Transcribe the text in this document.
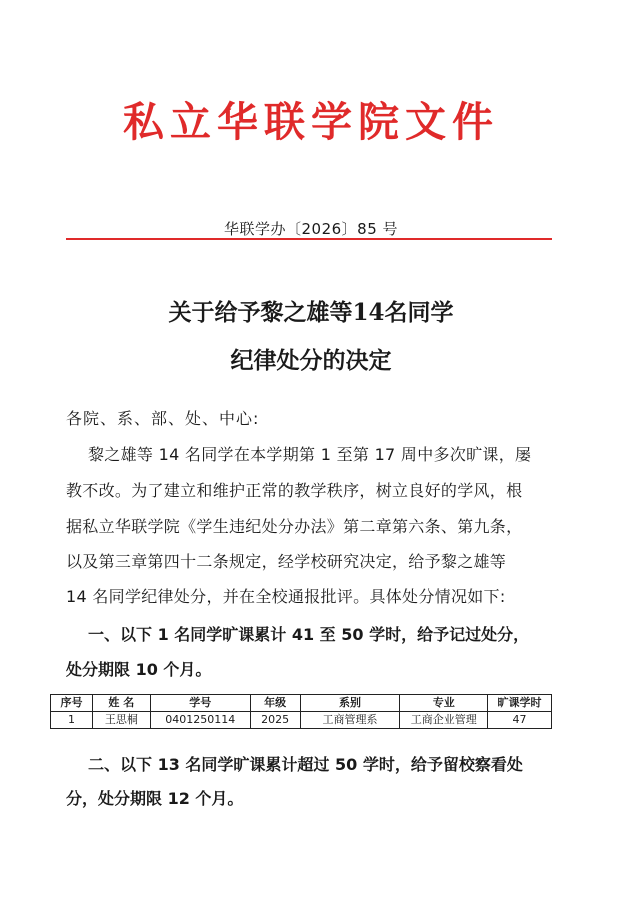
私立华联学院文件
华联学办〔2026〕85 号
关于给予黎之雄等14名同学
纪律处分的决定
各院、系、部、处、中心:
黎之雄等 14 名同学在本学期第 1 至第 17 周中多次旷课，屡
教不改。为了建立和维护正常的教学秩序，树立良好的学风，根
据私立华联学院《学生违纪处分办法》第二章第六条、第九条，
以及第三章第四十二条规定，经学校研究决定，给予黎之雄等
14 名同学纪律处分，并在全校通报批评。具体处分情况如下:
一、以下 1 名同学旷课累计 41 至 50 学时，给予记过处分，
处分期限 10 个月。
序号	姓 名	学号	年级	系别	专业	旷课学时
1	王思桐	0401250114	2025	工商管理系	工商企业管理	47
二、以下 13 名同学旷课累计超过 50 学时，给予留校察看处
分，处分期限 12 个月。
